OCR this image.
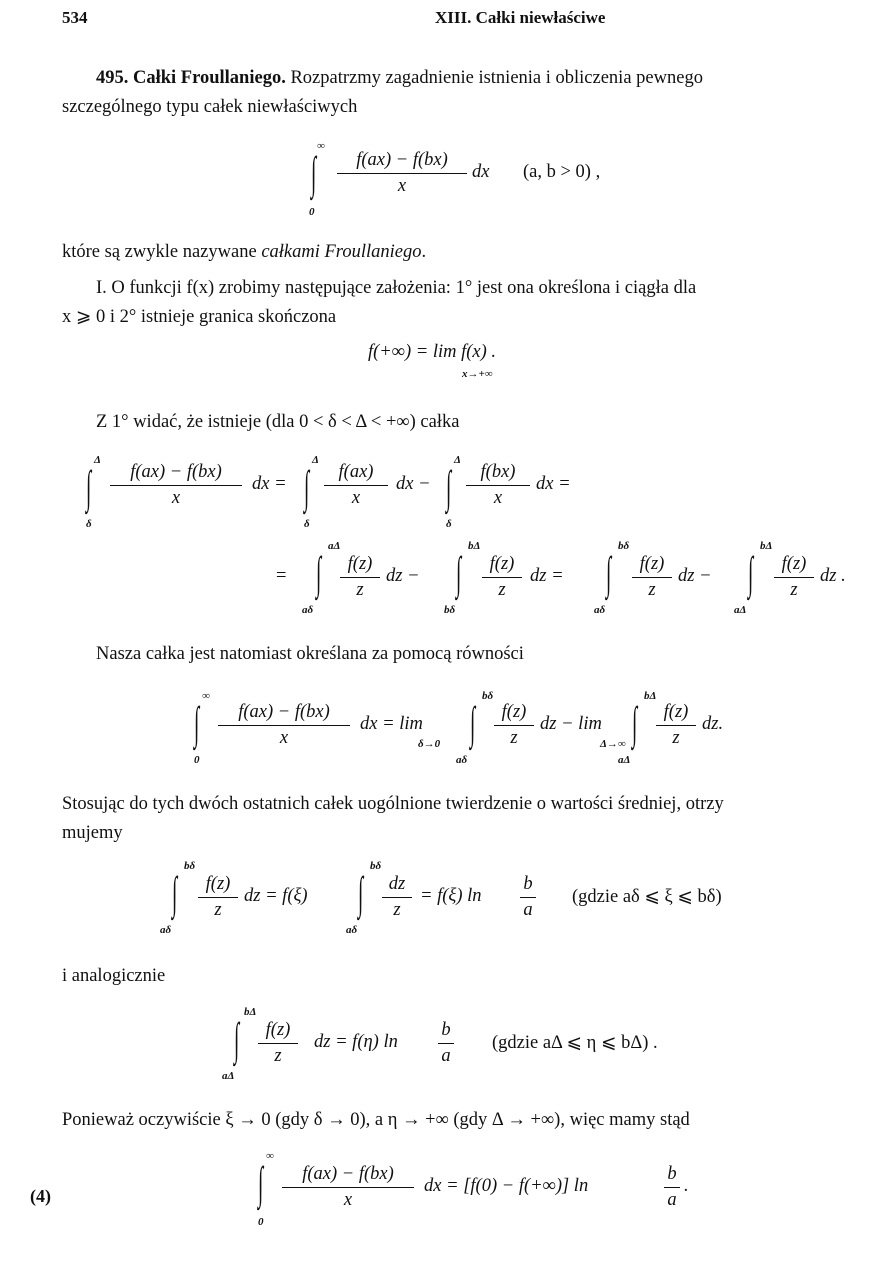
534	XIII. Całki niewłaściwe
495. Całki Froullaniego. Rozpatrzmy zagadnienie istnienia i obliczenia pewnego
szczególnego typu całek niewłaściwych
∞
∫
0
$\frac{f(ax) - f(bx)}{x}$ dx (a, b > 0) ,
które są zwykle nazywane całkami Froullaniego.
I. O funkcji f(x) zrobimy następujące założenia: 1° jest ona określona i ciągła dla
x ⩾ 0 i 2° istnieje granica skończona
f(+∞) = lim f(x) .
x→+∞
Z 1° widać, że istnieje (dla 0 < δ < Δ < +∞) całka
Δ
∫
δ
$\frac{f(ax) - f(bx)}{x}$ dx =
Δ
∫
δ
$\frac{f(ax)}{x}$ dx −
Δ
∫
δ
$\frac{f(bx)}{x}$ dx =
=
aΔ
∫
aδ
$\frac{f(z)}{z}$ dz −
bΔ
∫
bδ
$\frac{f(z)}{z}$ dz =
bδ
∫
aδ
$\frac{f(z)}{z}$ dz −
bΔ
∫
aΔ
$\frac{f(z)}{z}$ dz .
Nasza całka jest natomiast określana za pomocą równości
∞
∫
0
$\frac{f(ax) - f(bx)}{x}$ dx = lim
δ→0
bδ
∫
aδ
$\frac{f(z)}{z}$ dz − lim
Δ→∞
bΔ
∫
aΔ
$\frac{f(z)}{z}$ dz.
Stosując do tych dwóch ostatnich całek uogólnione twierdzenie o wartości średniej, otrzy
mujemy
bδ
∫
aδ
$\frac{f(z)}{z}$ dz = f(ξ)
bδ
∫
aδ
$\frac{dz}{z} = f(\xi)$ $\ln \frac{b}{a}$ (gdzie aδ ⩽ ξ ⩽ bδ)
i analogicznie
bΔ
∫
aΔ
$\frac{f(z)}{z}$ dz = f(η) $\ln \frac{b}{a}$ (gdzie aΔ ⩽ η ⩽ bΔ) .
Ponieważ oczywiście ξ → 0 (gdy δ → 0), a η → +∞ (gdy Δ → +∞), więc mamy stąd
(4)
∞
∫
0
$\frac{f(ax) - f(bx)}{x}$ dx = [f(0) − f(+∞)] ln	$\frac{b}{a}$ .
